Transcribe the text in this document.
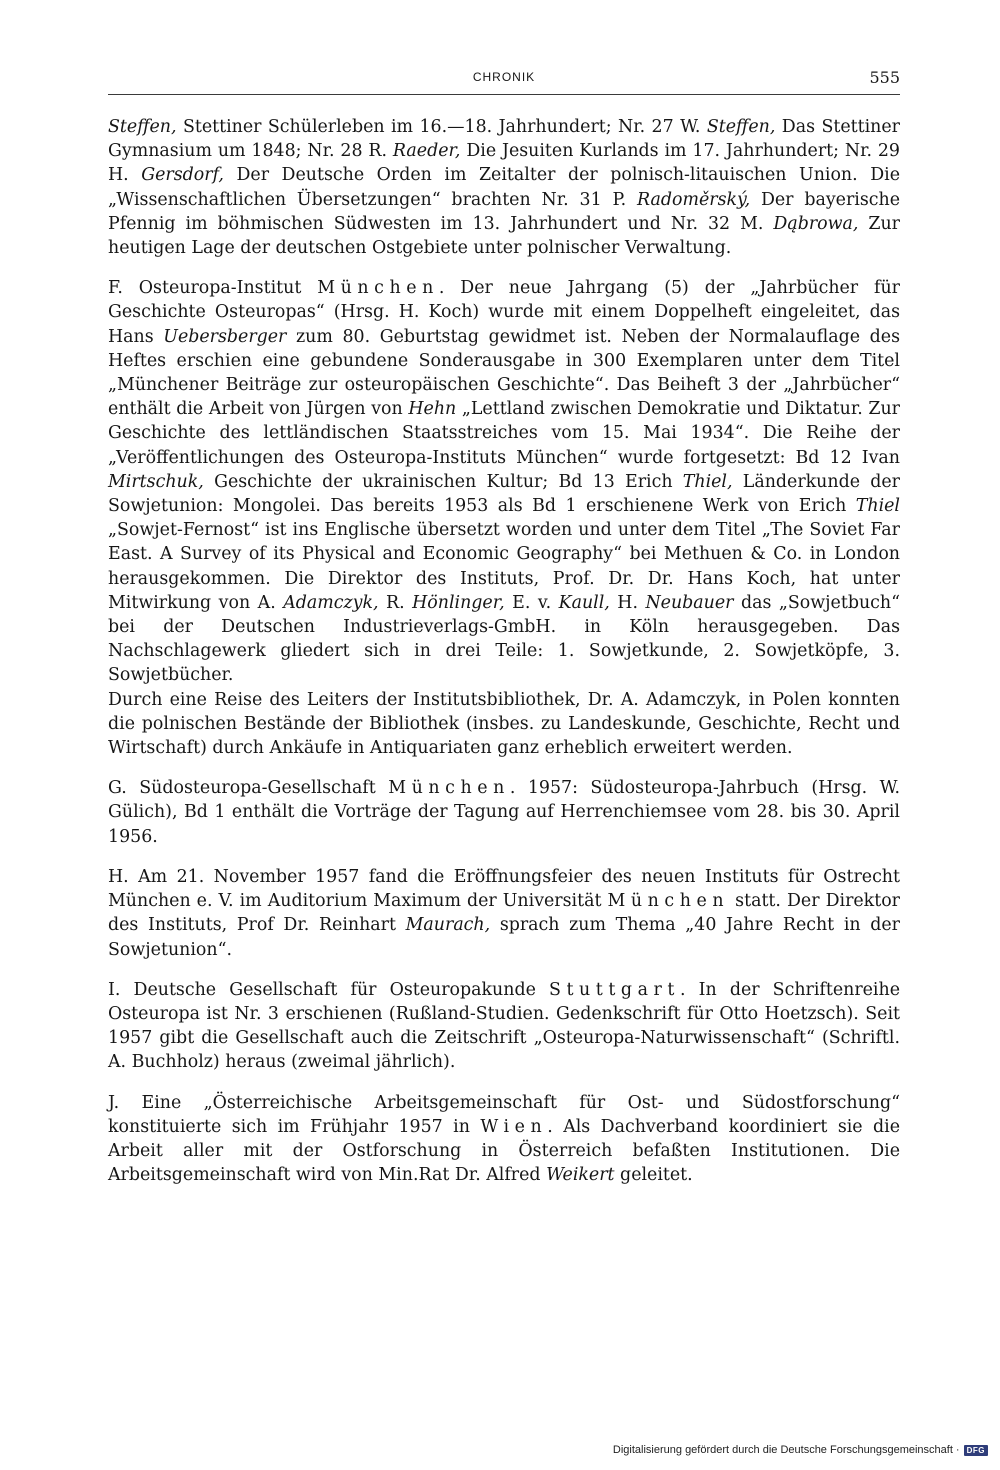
CHRONIK	555

Steffen, Stettiner Schülerleben im 16.—18. Jahrhundert; Nr. 27 W. Steffen, Das Stettiner Gymnasium um 1848; Nr. 28 R. Raeder, Die Jesuiten Kurlands im 17. Jahrhundert; Nr. 29 H. Gersdorf, Der Deutsche Orden im Zeitalter der polnisch-litauischen Union. Die „Wissenschaftlichen Übersetzungen“ brachten Nr. 31 P. Radoměrský, Der bayerische Pfennig im böhmischen Südwesten im 13. Jahrhundert und Nr. 32 M. Dąbrowa, Zur heutigen Lage der deutschen Ostgebiete unter polnischer Verwaltung.

F. Osteuropa-Institut München. Der neue Jahrgang (5) der „Jahrbücher für Geschichte Osteuropas“ (Hrsg. H. Koch) wurde mit einem Doppelheft eingeleitet, das Hans Uebersberger zum 80. Geburtstag gewidmet ist. Neben der Normalauflage des Heftes erschien eine gebundene Sonderausgabe in 300 Exemplaren unter dem Titel „Münchener Beiträge zur osteuropäischen Geschichte“. Das Beiheft 3 der „Jahrbücher“ enthält die Arbeit von Jürgen von Hehn „Lettland zwischen Demokratie und Diktatur. Zur Geschichte des lettländischen Staatsstreiches vom 15. Mai 1934“. Die Reihe der „Veröffentlichungen des Osteuropa-Instituts München“ wurde fortgesetzt: Bd 12 Ivan Mirtschuk, Geschichte der ukrainischen Kultur; Bd 13 Erich Thiel, Länderkunde der Sowjetunion: Mongolei. Das bereits 1953 als Bd 1 erschienene Werk von Erich Thiel „Sowjet-Fernost“ ist ins Englische übersetzt worden und unter dem Titel „The Soviet Far East. A Survey of its Physical and Economic Geography“ bei Methuen & Co. in London herausgekommen. Die Direktor des Instituts, Prof. Dr. Dr. Hans Koch, hat unter Mitwirkung von A. Adamczyk, R. Hönlinger, E. v. Kaull, H. Neubauer das „Sowjetbuch“ bei der Deutschen Industrieverlags-GmbH. in Köln herausgegeben. Das Nachschlagewerk gliedert sich in drei Teile: 1. Sowjetkunde, 2. Sowjetköpfe, 3. Sowjetbücher.

Durch eine Reise des Leiters der Institutsbibliothek, Dr. A. Adamczyk, in Polen konnten die polnischen Bestände der Bibliothek (insbes. zu Landeskunde, Geschichte, Recht und Wirtschaft) durch Ankäufe in Antiquariaten ganz erheblich erweitert werden.

G. Südosteuropa-Gesellschaft München. 1957: Südosteuropa-Jahrbuch (Hrsg. W. Gülich), Bd 1 enthält die Vorträge der Tagung auf Herrenchiemsee vom 28. bis 30. April 1956.

H. Am 21. November 1957 fand die Eröffnungsfeier des neuen Instituts für Ostrecht München e. V. im Auditorium Maximum der Universität München statt. Der Direktor des Instituts, Prof Dr. Reinhart Maurach, sprach zum Thema „40 Jahre Recht in der Sowjetunion“.

I. Deutsche Gesellschaft für Osteuropakunde Stuttgart. In der Schriftenreihe Osteuropa ist Nr. 3 erschienen (Rußland-Studien. Gedenkschrift für Otto Hoetzsch). Seit 1957 gibt die Gesellschaft auch die Zeitschrift „Osteuropa-Naturwissenschaft“ (Schriftl. A. Buchholz) heraus (zweimal jährlich).

J. Eine „Österreichische Arbeitsgemeinschaft für Ost- und Südostforschung“ konstituierte sich im Frühjahr 1957 in Wien. Als Dachverband koordiniert sie die Arbeit aller mit der Ostforschung in Österreich befaßten Institutionen. Die Arbeitsgemeinschaft wird von Min.Rat Dr. Alfred Weikert geleitet.

Digitalisierung gefördert durch die Deutsche Forschungsgemeinschaft · DFG
